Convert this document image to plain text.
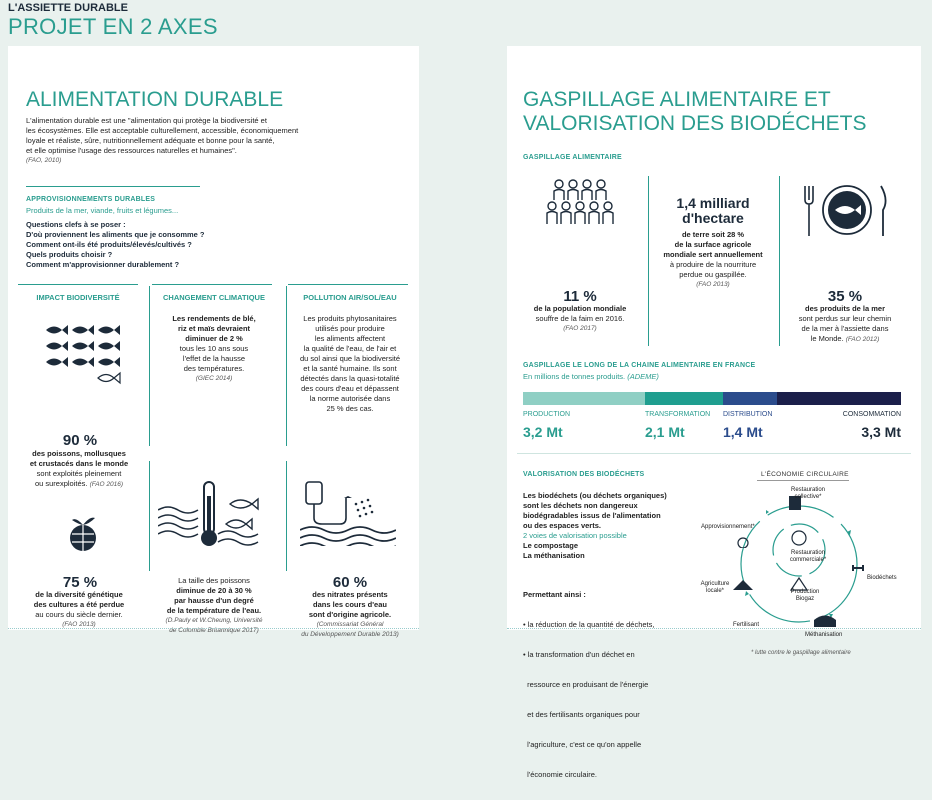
L'ASSIETTE DURABLE
PROJET EN 2 AXES
ALIMENTATION DURABLE
L'alimentation durable est une "alimentation qui protège la biodiversité et
les écosystèmes. Elle est acceptable culturellement, accessible, économiquement
loyale et réaliste, sûre, nutritionnellement adéquate et bonne pour la santé,
et elle optimise l'usage des ressources naturelles et humaines".
(FAO, 2010)
APPROVISIONNEMENTS DURABLES
Produits de la mer, viande, fruits et légumes...
Questions clefs à se poser :
D'où proviennent les aliments que je consomme ?
Comment ont-ils été produits/élevés/cultivés ?
Quels produits choisir ?
Comment m'approvisionner durablement ?
IMPACT BIODIVERSITÉ	CHANGEMENT CLIMATIQUE	POLLUTION AIR/SOL/EAU
90 %
des poissons, mollusques
et crustacés dans le monde
sont exploités pleinement
ou surexploités. (FAO 2016)
75 %
de la diversité génétique
des cultures a été perdue
au cours du siècle dernier.
(FAO 2013)
Les rendements de blé,
riz et maïs devraient
diminuer de 2 %
tous les 10 ans sous
l'effet de la hausse
des températures.
(GIEC 2014)
La taille des poissons
diminue de 20 à 30 %
par hausse d'un degré
de la température de l'eau.
(D.Pauly et W.Cheung, Université
de Colombie Britannique 2017)
Les produits phytosanitaires
utilisés pour produire
les aliments affectent
la qualité de l'eau, de l'air et
du sol ainsi que la biodiversité
et la santé humaine. Ils sont
détectés dans la quasi-totalité
des cours d'eau et dépassent
la norme autorisée dans
25 % des cas.
60 %
des nitrates présents
dans les cours d'eau
sont d'origine agricole.
(Commissariat Général
du Développement Durable 2013)
GASPILLAGE ALIMENTAIRE ET
VALORISATION DES BIODÉCHETS
GASPILLAGE ALIMENTAIRE
11 %
de la population mondiale
souffre de la faim en 2016.
(FAO 2017)
1,4 milliard
d'hectare
de terre soit 28 %
de la surface agricole
mondiale sert annuellement
à produire de la nourriture
perdue ou gaspillée.
(FAO 2013)
35 %
des produits de la mer
sont perdus sur leur chemin
de la mer à l'assiette dans
le Monde. (FAO 2012)
GASPILLAGE LE LONG DE LA CHAINE ALIMENTAIRE EN FRANCE
En millions de tonnes produits. (ADEME)
PRODUCTION
3,2 Mt
TRANSFORMATION
2,1 Mt
DISTRIBUTION
1,4 Mt
CONSOMMATION
3,3 Mt
VALORISATION DES BIODÉCHETS
Les biodéchets (ou déchets organiques)
sont les déchets non dangereux
biodégradables issus de l'alimentation
ou des espaces verts.
2 voies de valorisation possible
Le compostage
La méthanisation

Permettant ainsi :

• la réduction de la quantité de déchets,

• la transformation d'un déchet en

ressource en produisant de l'énergie

et des fertilisants organiques pour

l'agriculture, c'est ce qu'on appelle

l'économie circulaire.

L'ÉCONOMIE CIRCULAIRE
Restauration
collective*
Approvisionnement*
Restauration
commerciale*
Biodéchets
Agriculture
locale*	Production
Biogaz
Fertilisant
Méthanisation
* lutte contre le gaspillage alimentaire
